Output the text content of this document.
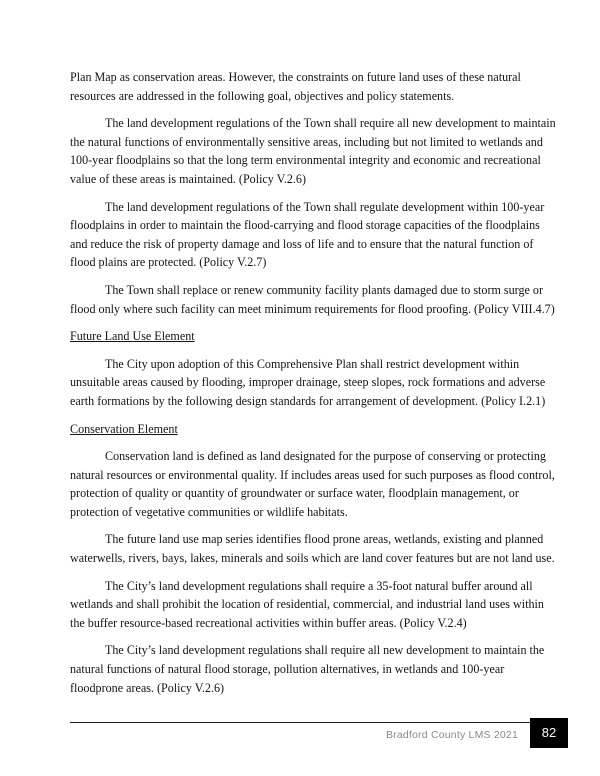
Plan Map as conservation areas. However, the constraints on future land uses of these natural resources are addressed in the following goal, objectives and policy statements.

The land development regulations of the Town shall require all new development to maintain the natural functions of environmentally sensitive areas, including but not limited to wetlands and 100-year floodplains so that the long term environmental integrity and economic and recreational value of these areas is maintained. (Policy V.2.6)

The land development regulations of the Town shall regulate development within 100-year floodplains in order to maintain the flood-carrying and flood storage capacities of the floodplains and reduce the risk of property damage and loss of life and to ensure that the natural function of flood plains are protected. (Policy V.2.7)

The Town shall replace or renew community facility plants damaged due to storm surge or flood only where such facility can meet minimum requirements for flood proofing. (Policy VIII.4.7)

Future Land Use Element

The City upon adoption of this Comprehensive Plan shall restrict development within unsuitable areas caused by flooding, improper drainage, steep slopes, rock formations and adverse earth formations by the following design standards for arrangement of development. (Policy I.2.1)

Conservation Element

Conservation land is defined as land designated for the purpose of conserving or protecting natural resources or environmental quality. If includes areas used for such purposes as flood control, protection of quality or quantity of groundwater or surface water, floodplain management, or protection of vegetative communities or wildlife habitats.

The future land use map series identifies flood prone areas, wetlands, existing and planned waterwells, rivers, bays, lakes, minerals and soils which are land cover features but are not land use.

The City’s land development regulations shall require a 35-foot natural buffer around all wetlands and shall prohibit the location of residential, commercial, and industrial land uses within the buffer resource-based recreational activities within buffer areas. (Policy V.2.4)

The City’s land development regulations shall require all new development to maintain the natural functions of natural flood storage, pollution alternatives, in wetlands and 100-year floodprone areas. (Policy V.2.6)

Bradford County LMS 2021	82
